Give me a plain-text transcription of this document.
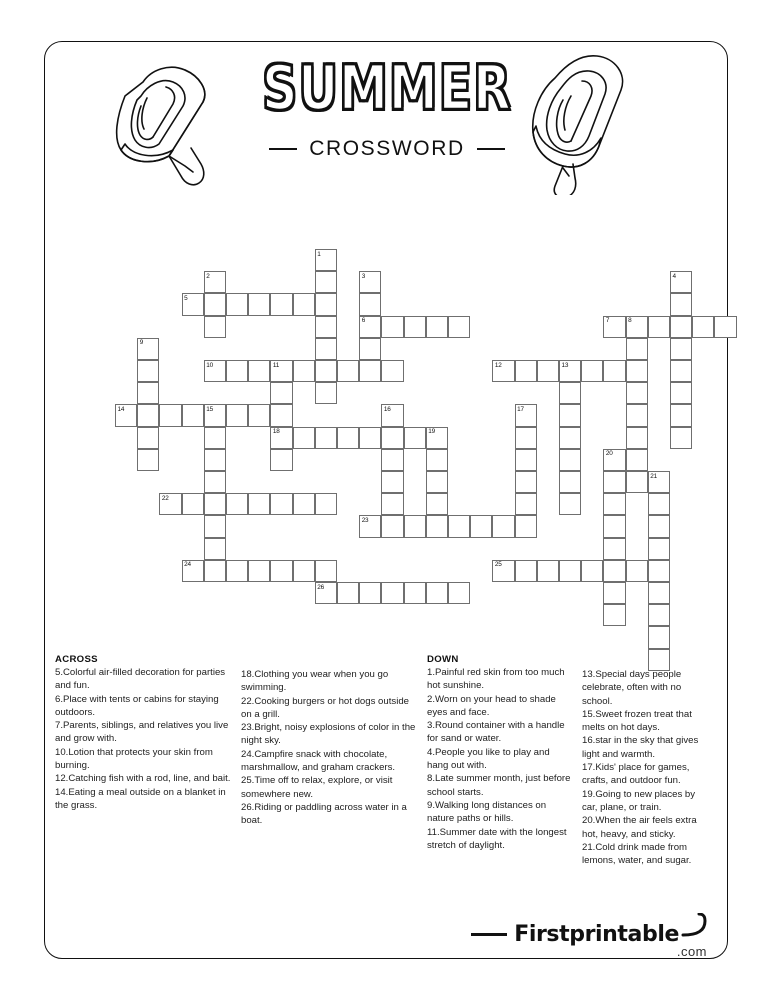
SUMMER
CROSSWORD
1
2	3	4
5
6	7	8
9
10	11	12	13
14	15	16	17
18	19
20
21
22
23
24	25
26
ACROSS

5.Colorful air-filled decoration for parties and fun.

6.Place with tents or cabins for staying outdoors.

7.Parents, siblings, and relatives you live and grow with.

10.Lotion that protects your skin from burning.

12.Catching fish with a rod, line, and bait.

14.Eating a meal outside on a blanket in the grass.

18.Clothing you wear when you go swimming.

22.Cooking burgers or hot dogs outside on a grill.

23.Bright, noisy explosions of color in the night sky.

24.Campfire snack with chocolate, marshmallow, and graham crackers.

25.Time off to relax, explore, or visit somewhere new.

26.Riding or paddling across water in a boat.

DOWN

1.Painful red skin from too much hot sunshine.

2.Worn on your head to shade eyes and face.

3.Round container with a handle for sand or water.

4.People you like to play and hang out with.

8.Late summer month, just before school starts.

9.Walking long distances on nature paths or hills.

11.Summer date with the longest stretch of daylight.

13.Special days people celebrate, often with no school.

15.Sweet frozen treat that melts on hot days.

16.star in the sky that gives light and warmth.

17.Kids' place for games, crafts, and outdoor fun.

19.Going to new places by car, plane, or train.

20.When the air feels extra hot, heavy, and sticky.

21.Cold drink made from lemons, water, and sugar.

Firstprintable
.com
